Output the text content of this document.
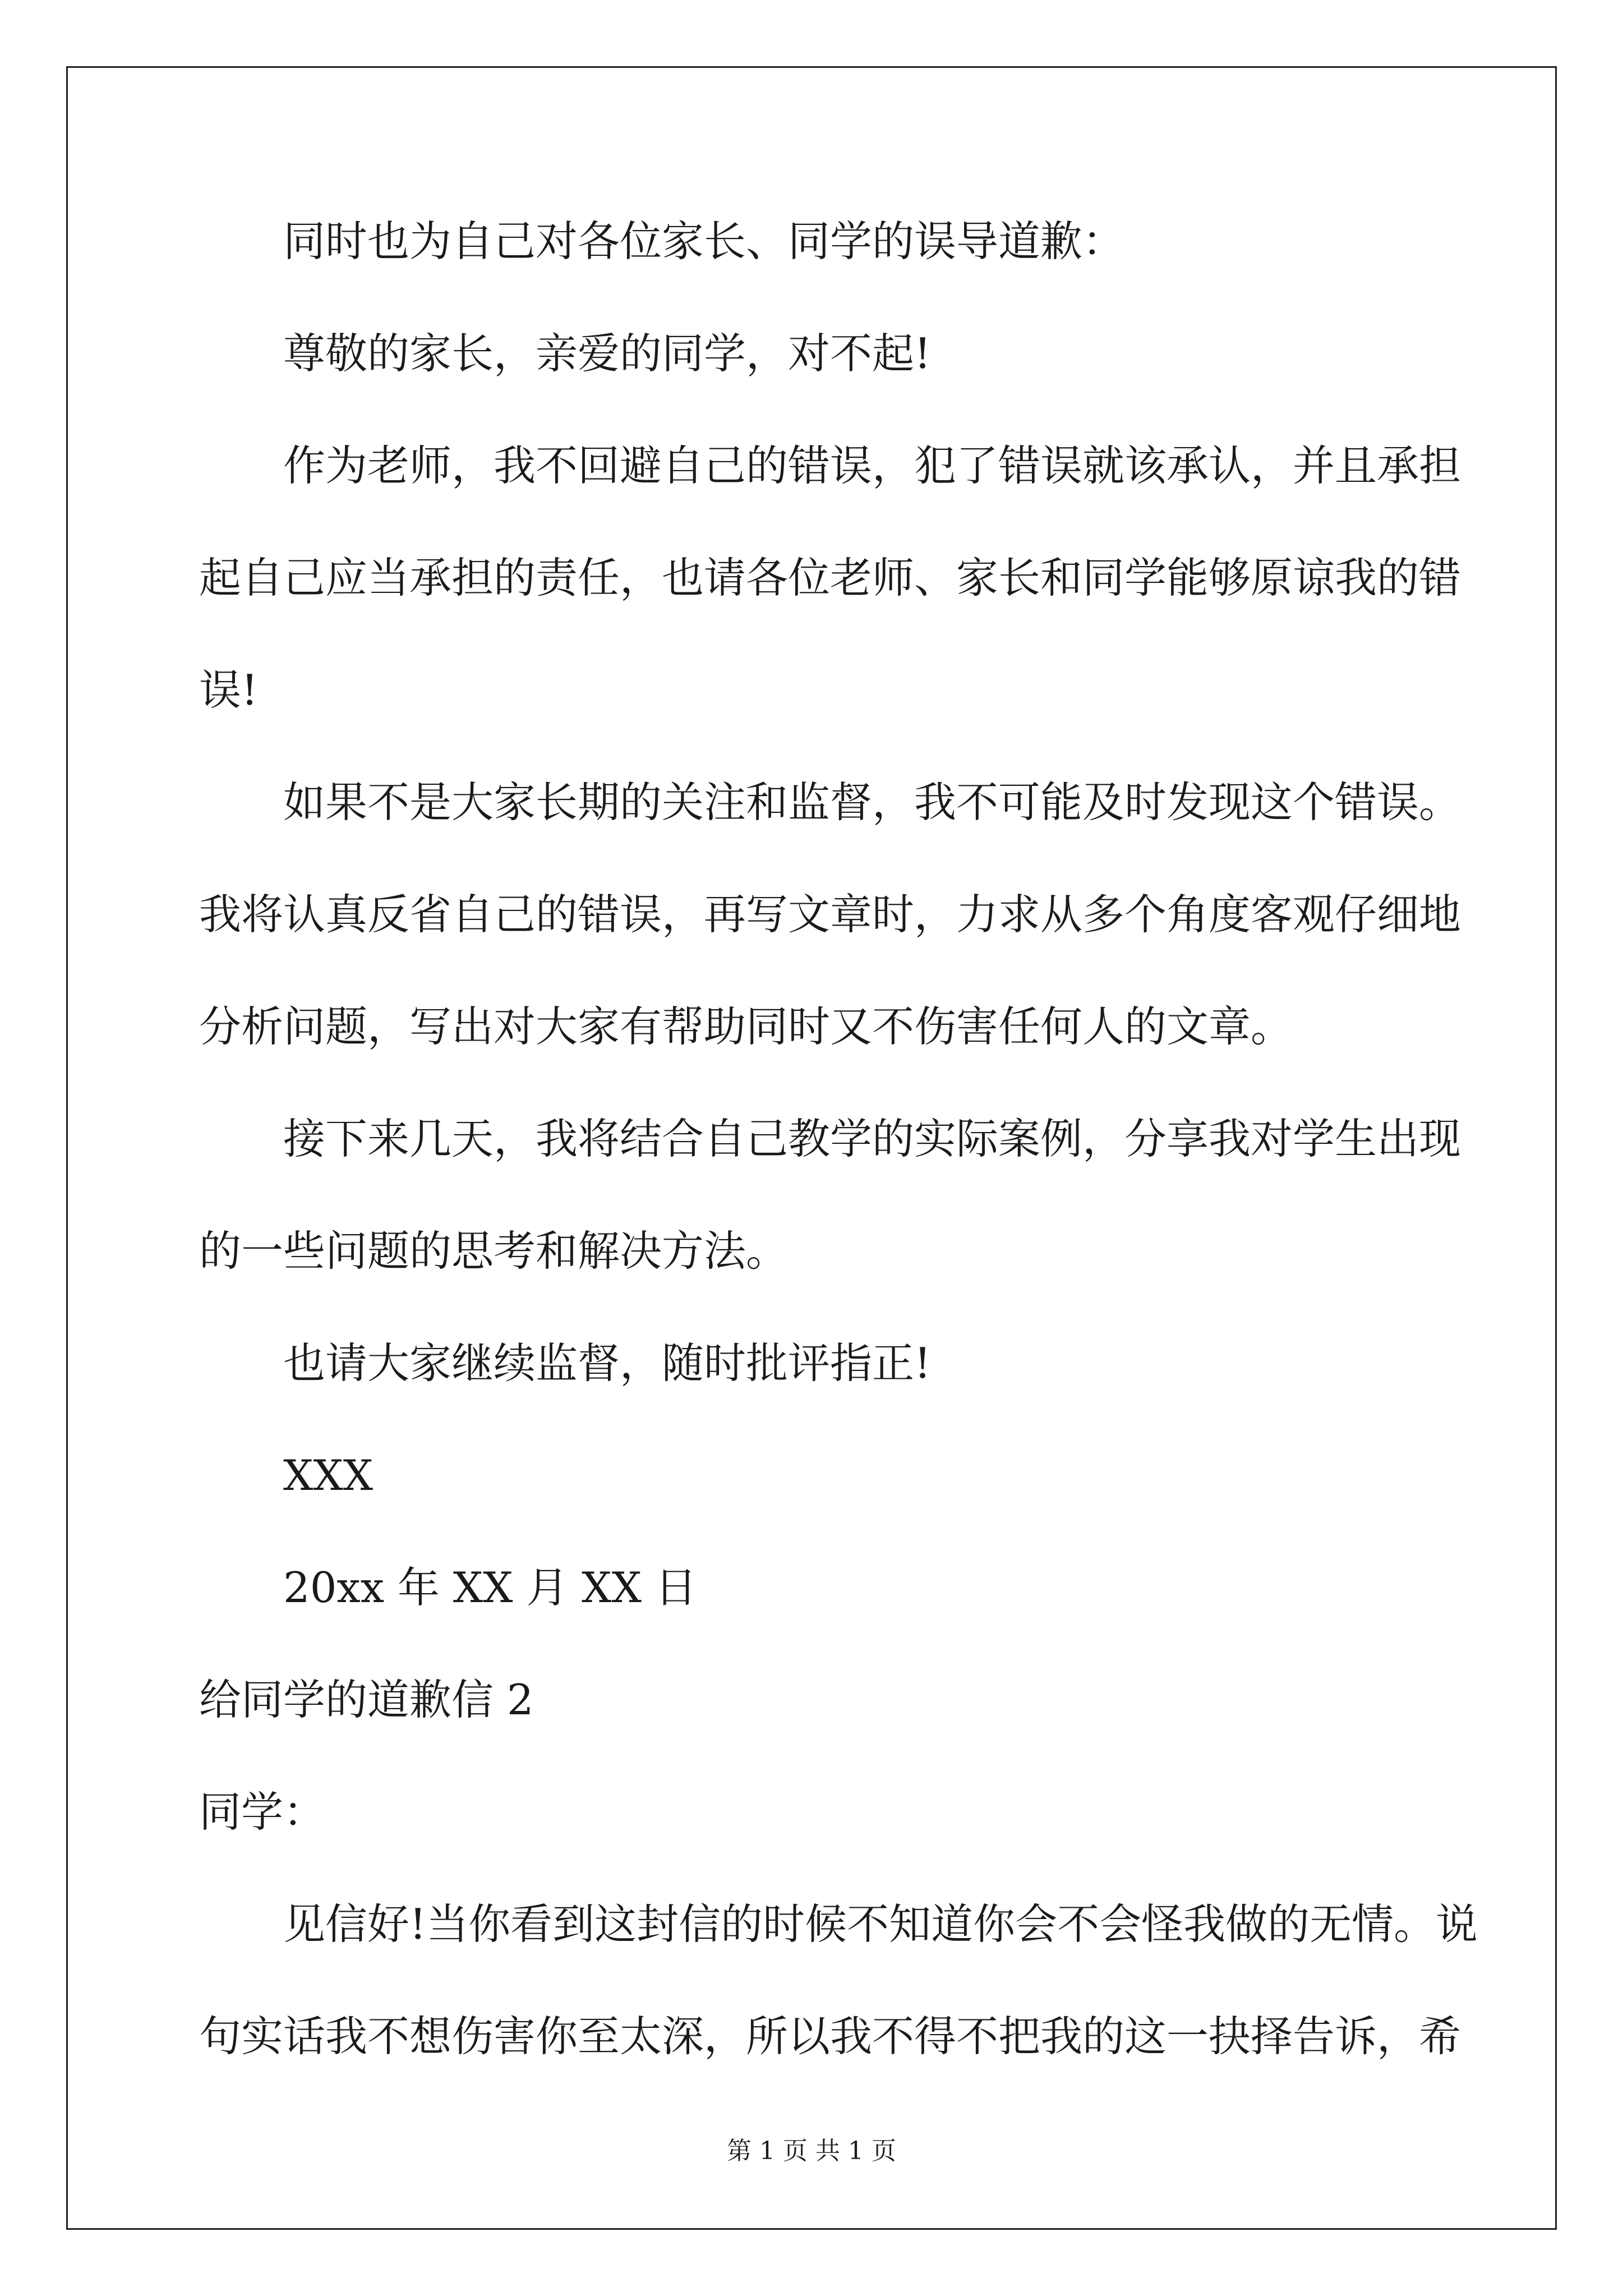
同时也为自己对各位家长、同学的误导道歉：
尊敬的家长，亲爱的同学，对不起!
作为老师，我不回避自己的错误，犯了错误就该承认，并且承担
起自己应当承担的责任，也请各位老师、家长和同学能够原谅我的错
误!
如果不是大家长期的关注和监督，我不可能及时发现这个错误。
我将认真反省自己的错误，再写文章时，力求从多个角度客观仔细地
分析问题，写出对大家有帮助同时又不伤害任何人的文章。
接下来几天，我将结合自己教学的实际案例，分享我对学生出现
的一些问题的思考和解决方法。
也请大家继续监督，随时批评指正!
XXX
20xx 年 XX 月 XX 日
给同学的道歉信 2
同学：
见信好!当你看到这封信的时候不知道你会不会怪我做的无情。说
句实话我不想伤害你至太深，所以我不得不把我的这一抉择告诉，希
第 1 页 共 1 页
